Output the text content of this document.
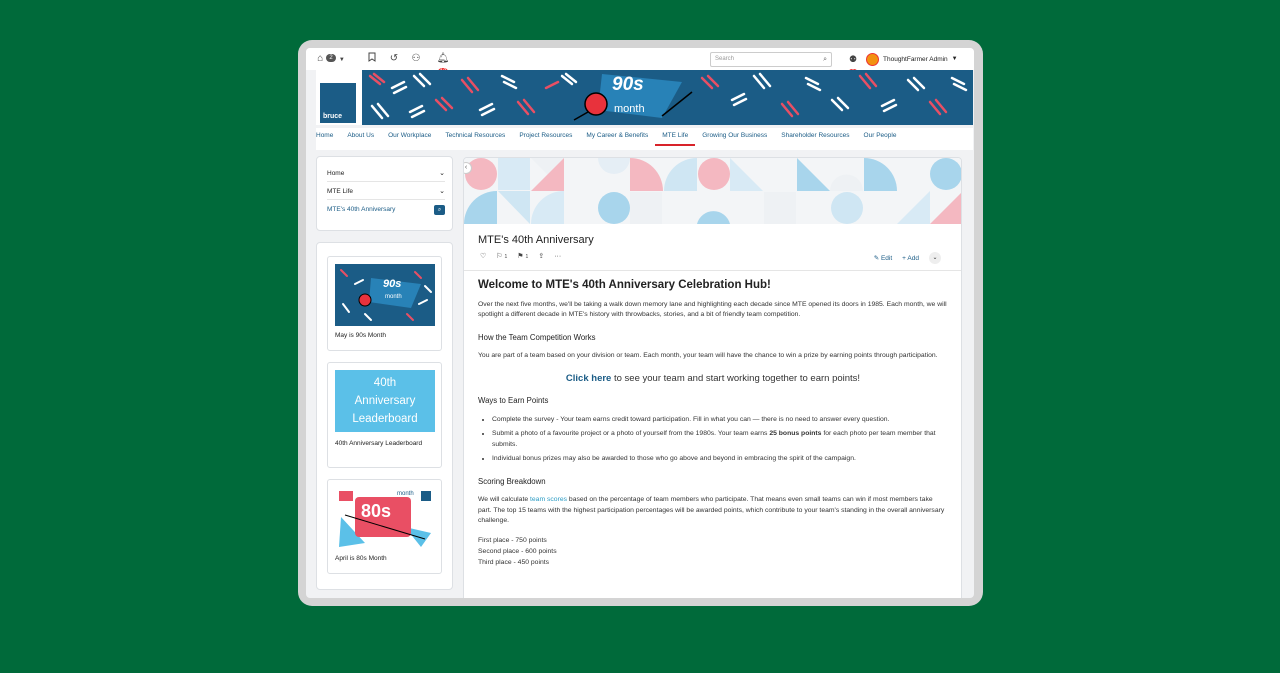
⌂ 2 ▼	↺ ⚇	🔔︎	Search	⌕	⚉	ThoughtFarmer Admin ▼
bruce
90s
month
Home	About Us	Our Workplace	Technical Resources	Project Resources	My Career & Benefits	MTE Life	Growing Our Business	Shareholder Resources	Our People
Home	⌄
MTE Life	⌄
MTE's 40th Anniversary	⌕
90s
month
May is 90s Month
40th Anniversary Leaderboard
40th Anniversary Leaderboard
80s
month
April is 80s Month
‹
MTE's 40th Anniversary
♡ ⚐ 1 ⚑ 1 ⇪ ···	✎ Edit + Add	⌄
Welcome to MTE's 40th Anniversary Celebration Hub!

Over the next five months, we'll be taking a walk down memory lane and highlighting each decade since MTE opened its doors in 1985. Each month, we will spotlight a different decade in MTE's history with throwbacks, stories, and a bit of friendly team competition.

How the Team Competition Works

You are part of a team based on your division or team. Each month, your team will have the chance to win a prize by earning points through participation.

Click here to see your team and start working together to earn points!
Ways to Earn Points
• Complete the survey - Your team earns credit toward participation. Fill in what you can — there is no need to answer every question.
• Submit a photo of a favourite project or a photo of yourself from the 1980s. Your team earns 25 bonus points for each photo per team member that submits.
• Individual bonus prizes may also be awarded to those who go above and beyond in embracing the spirit of the campaign.
Scoring Breakdown

We will calculate team scores based on the percentage of team members who participate. That means even small teams can win if most members take part. The top 15 teams with the highest participation percentages will be awarded points, which contribute to your team's standing in the overall anniversary challenge.

First place - 750 points
Second place - 600 points
Third place - 450 points
